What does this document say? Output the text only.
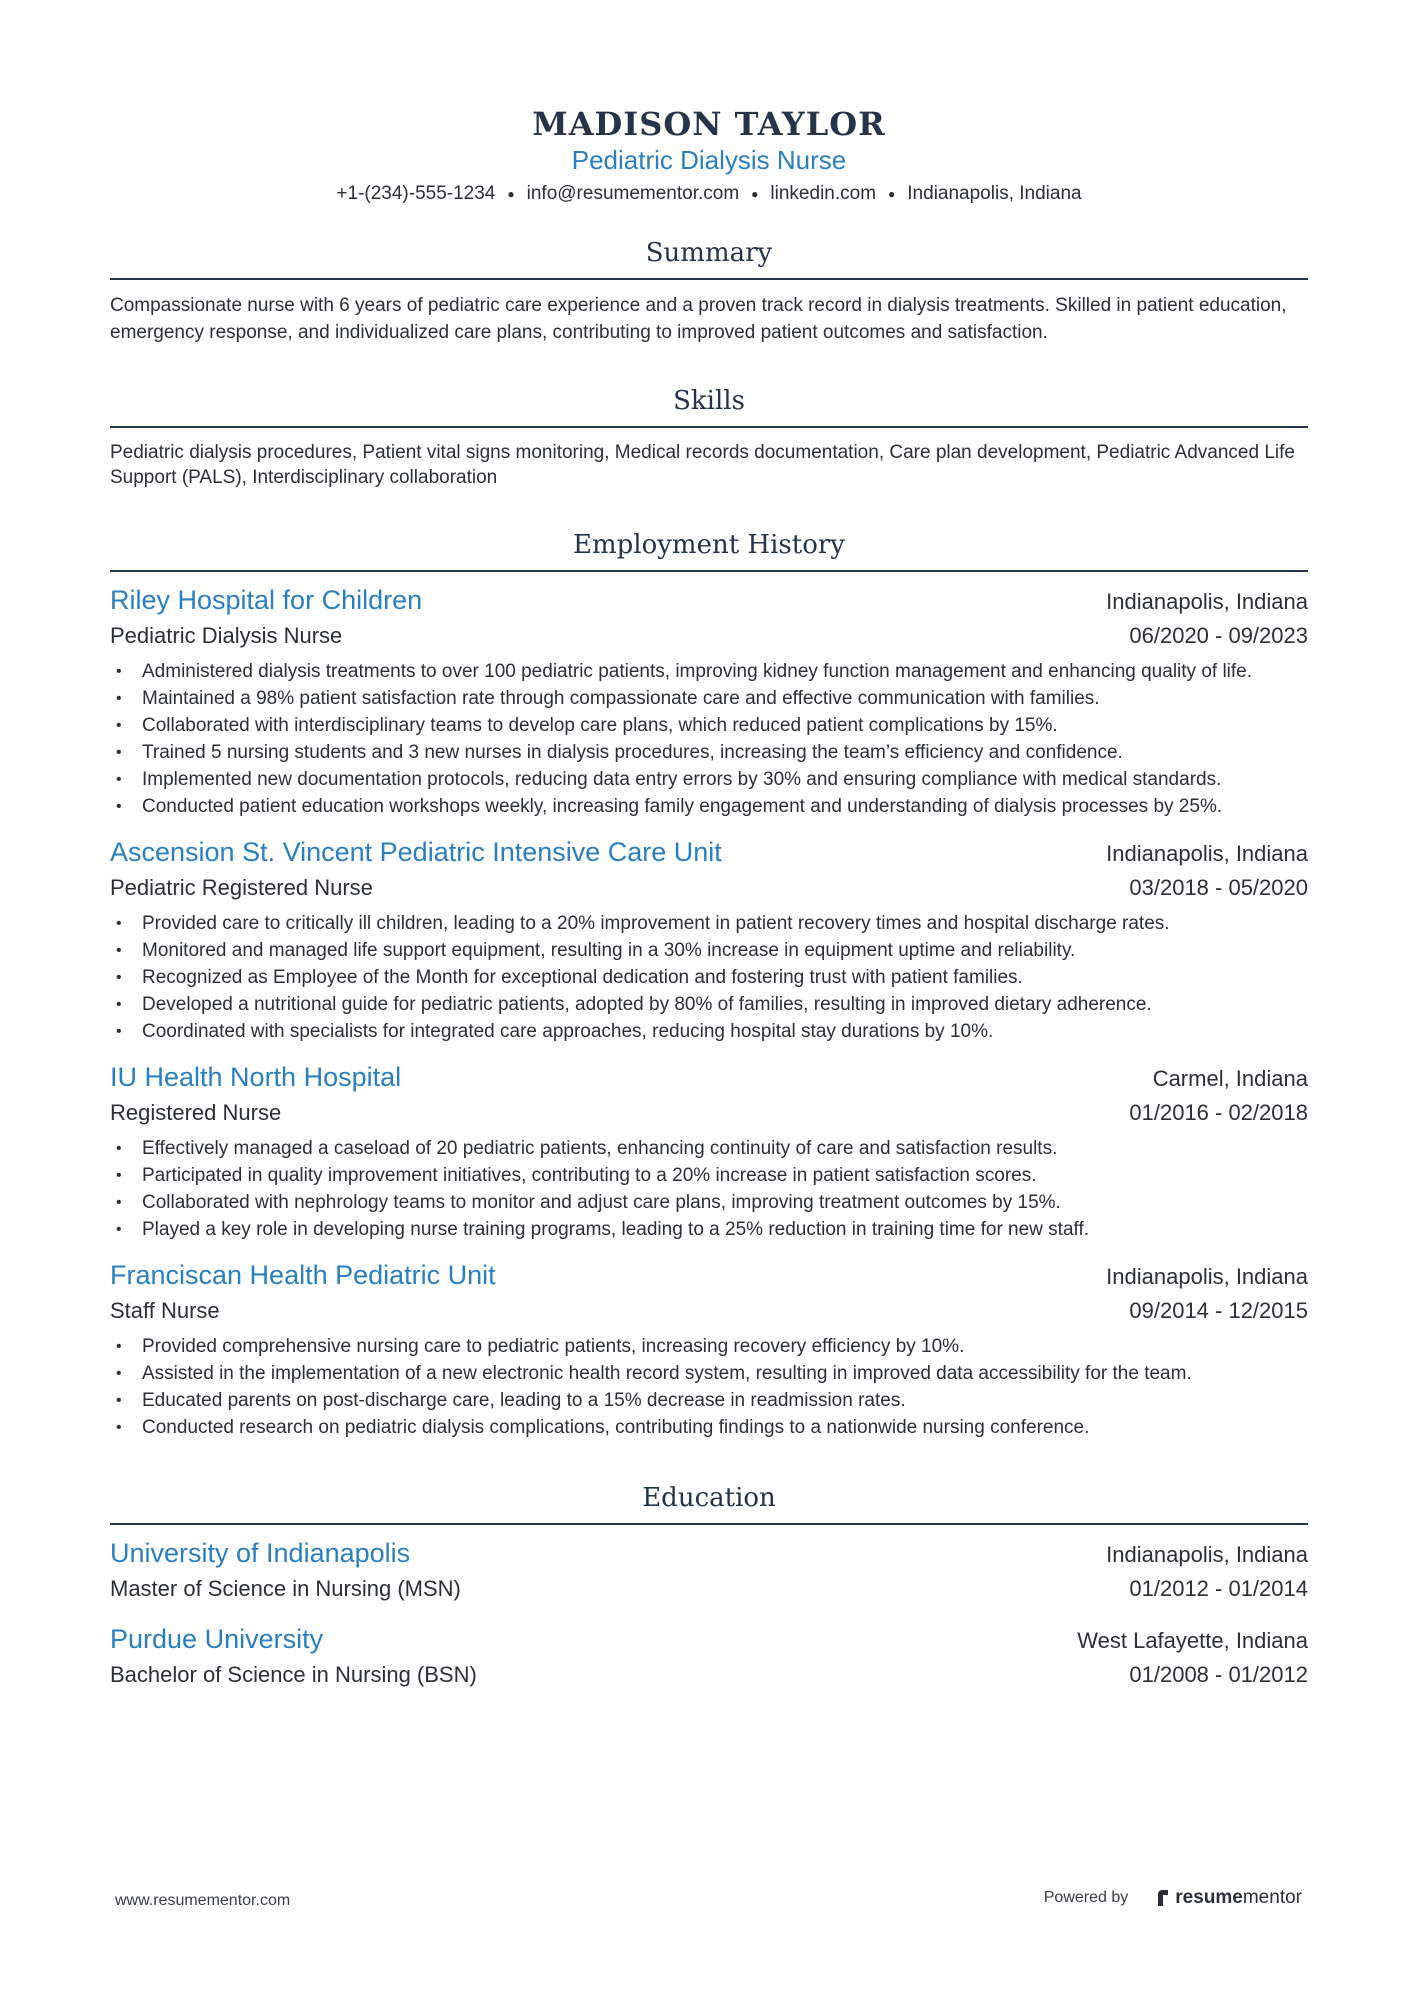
MADISON TAYLOR
Pediatric Dialysis Nurse
+1-(234)-555-1234 ● info@resumementor.com ● linkedin.com ● Indianapolis, Indiana
Summary
Compassionate nurse with 6 years of pediatric care experience and a proven track record in dialysis treatments. Skilled in patient education, emergency response, and individualized care plans, contributing to improved patient outcomes and satisfaction.
Skills
Pediatric dialysis procedures, Patient vital signs monitoring, Medical records documentation, Care plan development, Pediatric Advanced Life Support (PALS), Interdisciplinary collaboration
Employment History
Riley Hospital for Children	Indianapolis, Indiana
Pediatric Dialysis Nurse	06/2020 - 09/2023
• Administered dialysis treatments to over 100 pediatric patients, improving kidney function management and enhancing quality of life.
• Maintained a 98% patient satisfaction rate through compassionate care and effective communication with families.
• Collaborated with interdisciplinary teams to develop care plans, which reduced patient complications by 15%.
• Trained 5 nursing students and 3 new nurses in dialysis procedures, increasing the team’s efficiency and confidence.
• Implemented new documentation protocols, reducing data entry errors by 30% and ensuring compliance with medical standards.
• Conducted patient education workshops weekly, increasing family engagement and understanding of dialysis processes by 25%.
Ascension St. Vincent Pediatric Intensive Care Unit	Indianapolis, Indiana
Pediatric Registered Nurse	03/2018 - 05/2020
• Provided care to critically ill children, leading to a 20% improvement in patient recovery times and hospital discharge rates.
• Monitored and managed life support equipment, resulting in a 30% increase in equipment uptime and reliability.
• Recognized as Employee of the Month for exceptional dedication and fostering trust with patient families.
• Developed a nutritional guide for pediatric patients, adopted by 80% of families, resulting in improved dietary adherence.
• Coordinated with specialists for integrated care approaches, reducing hospital stay durations by 10%.
IU Health North Hospital	Carmel, Indiana
Registered Nurse	01/2016 - 02/2018
• Effectively managed a caseload of 20 pediatric patients, enhancing continuity of care and satisfaction results.
• Participated in quality improvement initiatives, contributing to a 20% increase in patient satisfaction scores.
• Collaborated with nephrology teams to monitor and adjust care plans, improving treatment outcomes by 15%.
• Played a key role in developing nurse training programs, leading to a 25% reduction in training time for new staff.
Franciscan Health Pediatric Unit	Indianapolis, Indiana
Staff Nurse	09/2014 - 12/2015
• Provided comprehensive nursing care to pediatric patients, increasing recovery efficiency by 10%.
• Assisted in the implementation of a new electronic health record system, resulting in improved data accessibility for the team.
• Educated parents on post-discharge care, leading to a 15% decrease in readmission rates.
• Conducted research on pediatric dialysis complications, contributing findings to a nationwide nursing conference.
Education
University of Indianapolis	Indianapolis, Indiana
Master of Science in Nursing (MSN)	01/2012 - 01/2014
Purdue University	West Lafayette, Indiana
Bachelor of Science in Nursing (BSN)	01/2008 - 01/2012
www.resumementor.com	Powered by resume mentor
